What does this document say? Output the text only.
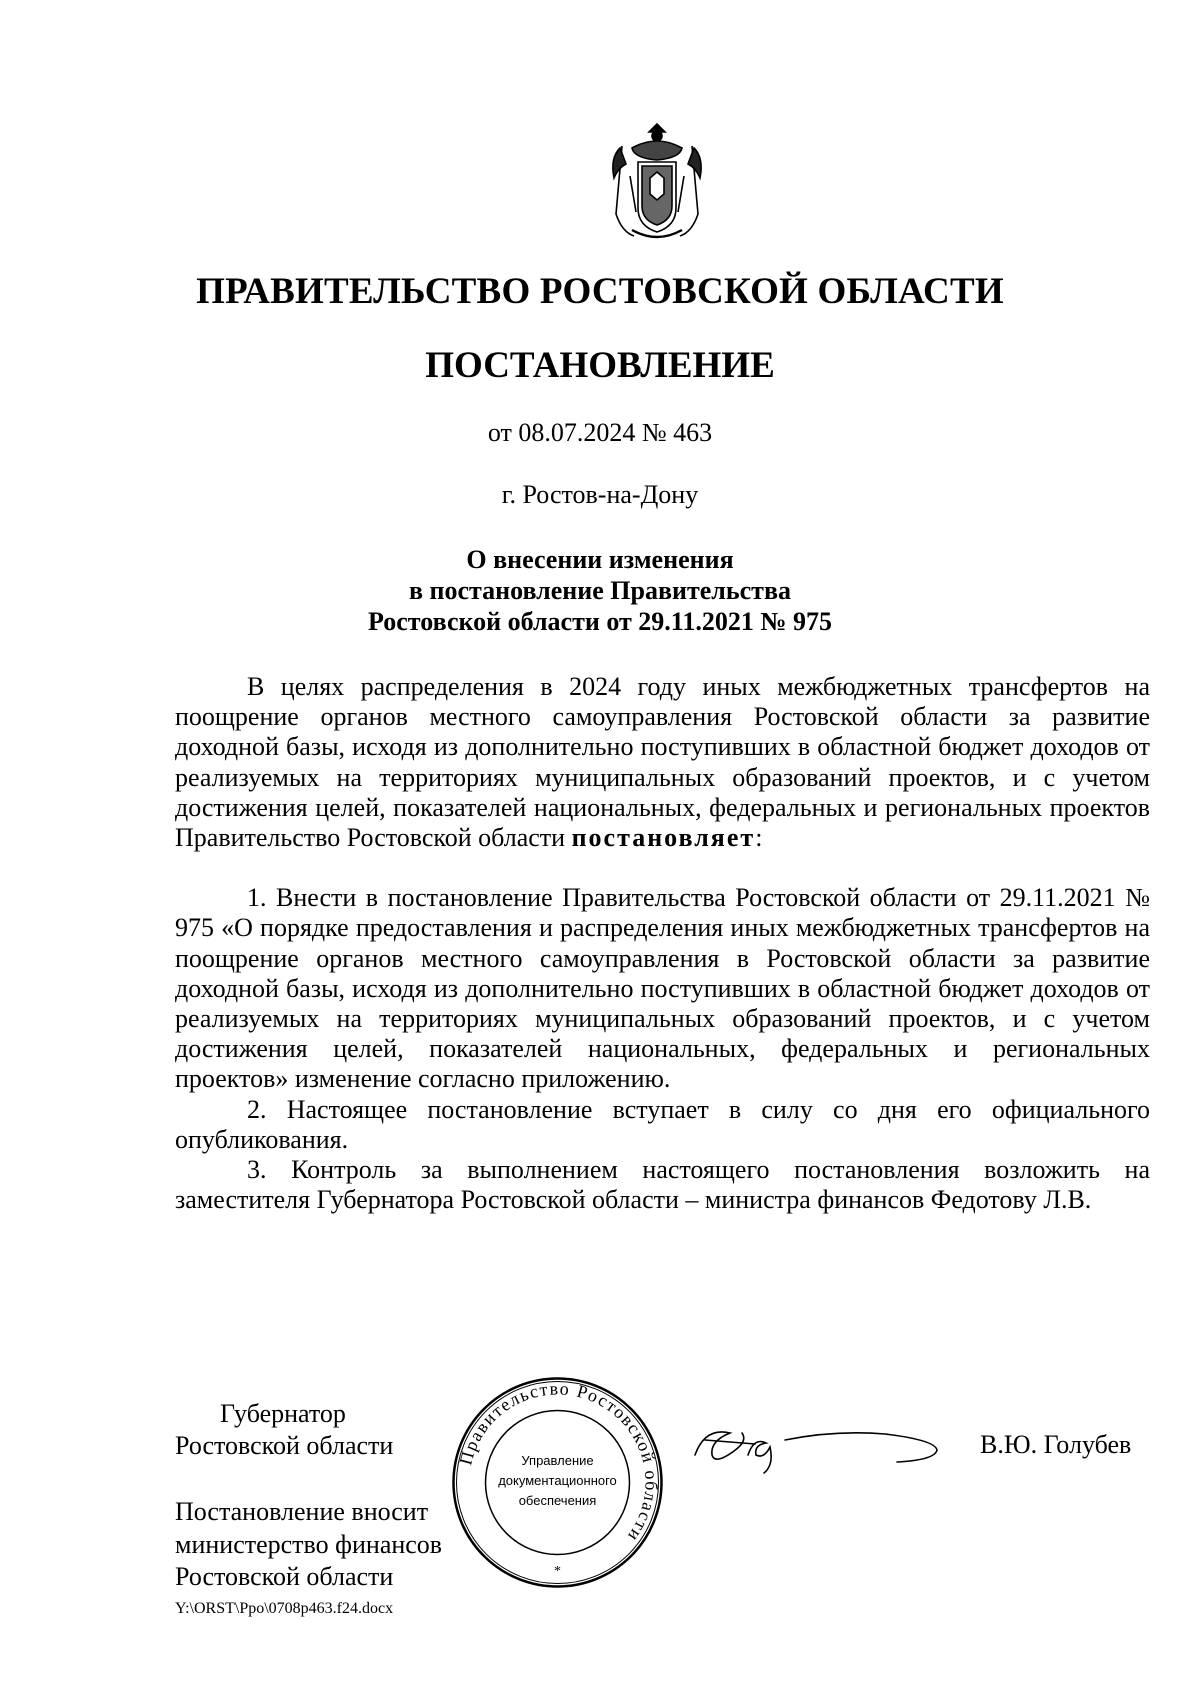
ПРАВИТЕЛЬСТВО РОСТОВСКОЙ ОБЛАСТИ
ПОСТАНОВЛЕНИЕ
от 08.07.2024 № 463
г. Ростов-на-Дону
О внесении изменения
в постановление Правительства
Ростовской области от 29.11.2021 № 975

В целях распределения в 2024 году иных межбюджетных трансфертов на поощрение органов местного самоуправления Ростовской области за развитие доходной базы, исходя из дополнительно поступивших в областной бюджет доходов от реализуемых на территориях муниципальных образований проектов, и с учетом достижения целей, показателей национальных, федеральных и региональных проектов Правительство Ростовской области постановляет:

1. Внести в постановление Правительства Ростовской области от 29.11.2021 № 975 «О порядке предоставления и распределения иных межбюджетных трансфертов на поощрение органов местного самоуправления в Ростовской области за развитие доходной базы, исходя из дополнительно поступивших в областной бюджет доходов от реализуемых на территориях муниципальных образований проектов, и с учетом достижения целей, показателей национальных, федеральных и региональных проектов» изменение согласно приложению.

2. Настоящее постановление вступает в силу со дня его официального опубликования.

3. Контроль за выполнением настоящего постановления возложить на заместителя Губернатора Ростовской области – министра финансов Федотову Л.В.

Губернатор
Ростовской области	Правительство Ростовской области
Управление
документационного
обеспечения
*
В.Ю. Голубев
Постановление вносит
министерство финансов
Ростовской области
Y:\ORST\Ppo\0708p463.f24.docx
